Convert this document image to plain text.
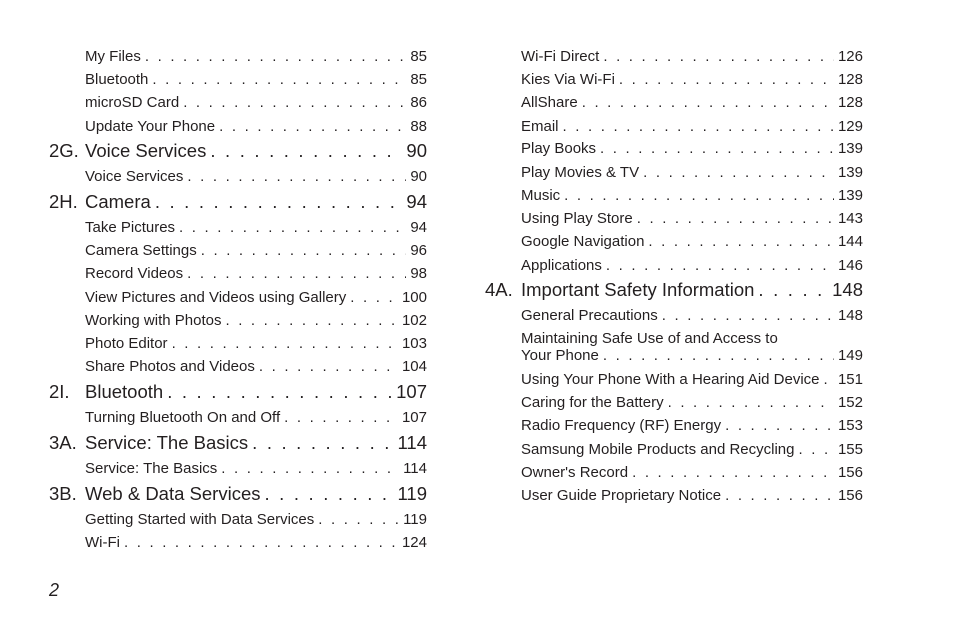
My Files . . .	85
Bluetooth . . .	85
microSD Card . . .	86
Update Your Phone . . .	88
2G. Voice Services . . .	90
Voice Services . . .	90
2H. Camera . . .	94
Take Pictures . . .	94
Camera Settings . . .	96
Record Videos . . .	98
View Pictures and Videos using Gallery . . .	100
Working with Photos . . .	102
Photo Editor . . .	103
Share Photos and Videos . . .	104
2I. Bluetooth . . .	107
Turning Bluetooth On and Off . . .	107
3A. Service: The Basics . . .	114
Service: The Basics . . .	114
3B. Web & Data Services . . .	119
Getting Started with Data Services . . .	119
Wi-Fi . . .	124
Wi-Fi Direct . . .	126
Kies Via Wi-Fi . . .	128
AllShare . . .	128
Email . . .	129
Play Books . . .	139
Play Movies & TV . . .	139
Music . . .	139
Using Play Store . . .	143
Google Navigation . . .	144
Applications . . .	146
4A. Important Safety Information . . .	148
General Precautions . . .	148
Maintaining Safe Use of and Access to
Your Phone . . .	149
Using Your Phone With a Hearing Aid Device . . . 151
Caring for the Battery . . .	152
Radio Frequency (RF) Energy . . .	153
Samsung Mobile Products and Recycling . . .	155
Owner's Record . . .	156
User Guide Proprietary Notice . . .	156
2
